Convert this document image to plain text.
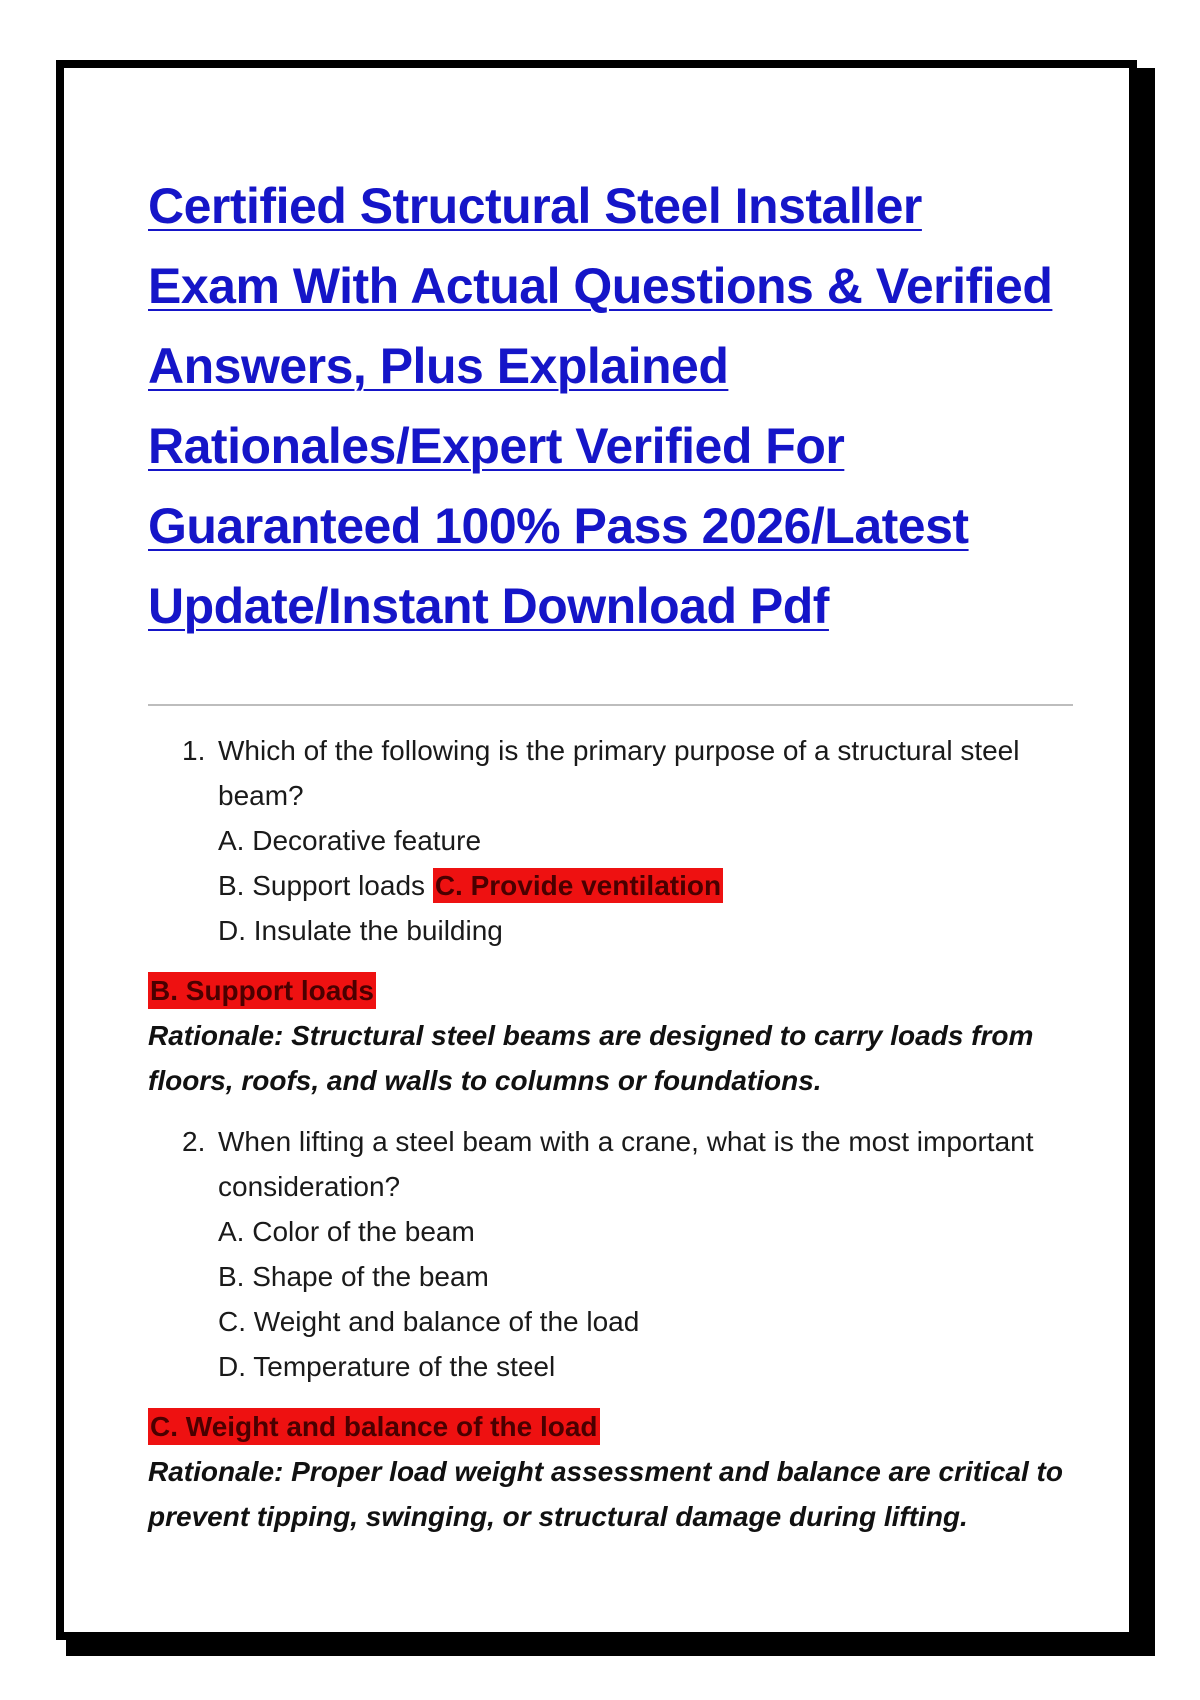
Certified Structural Steel Installer Exam With Actual Questions & Verified Answers, Plus Explained Rationales/Expert Verified For Guaranteed 100% Pass 2026/Latest Update/Instant Download Pdf
1. Which of the following is the primary purpose of a structural steel beam?
A. Decorative feature
B. Support loads C. Provide ventilation
D. Insulate the building
B. Support loads
Rationale: Structural steel beams are designed to carry loads from floors, roofs, and walls to columns or foundations.
2. When lifting a steel beam with a crane, what is the most important consideration?
A. Color of the beam
B. Shape of the beam
C. Weight and balance of the load
D. Temperature of the steel
C. Weight and balance of the load
Rationale: Proper load weight assessment and balance are critical to prevent tipping, swinging, or structural damage during lifting.
